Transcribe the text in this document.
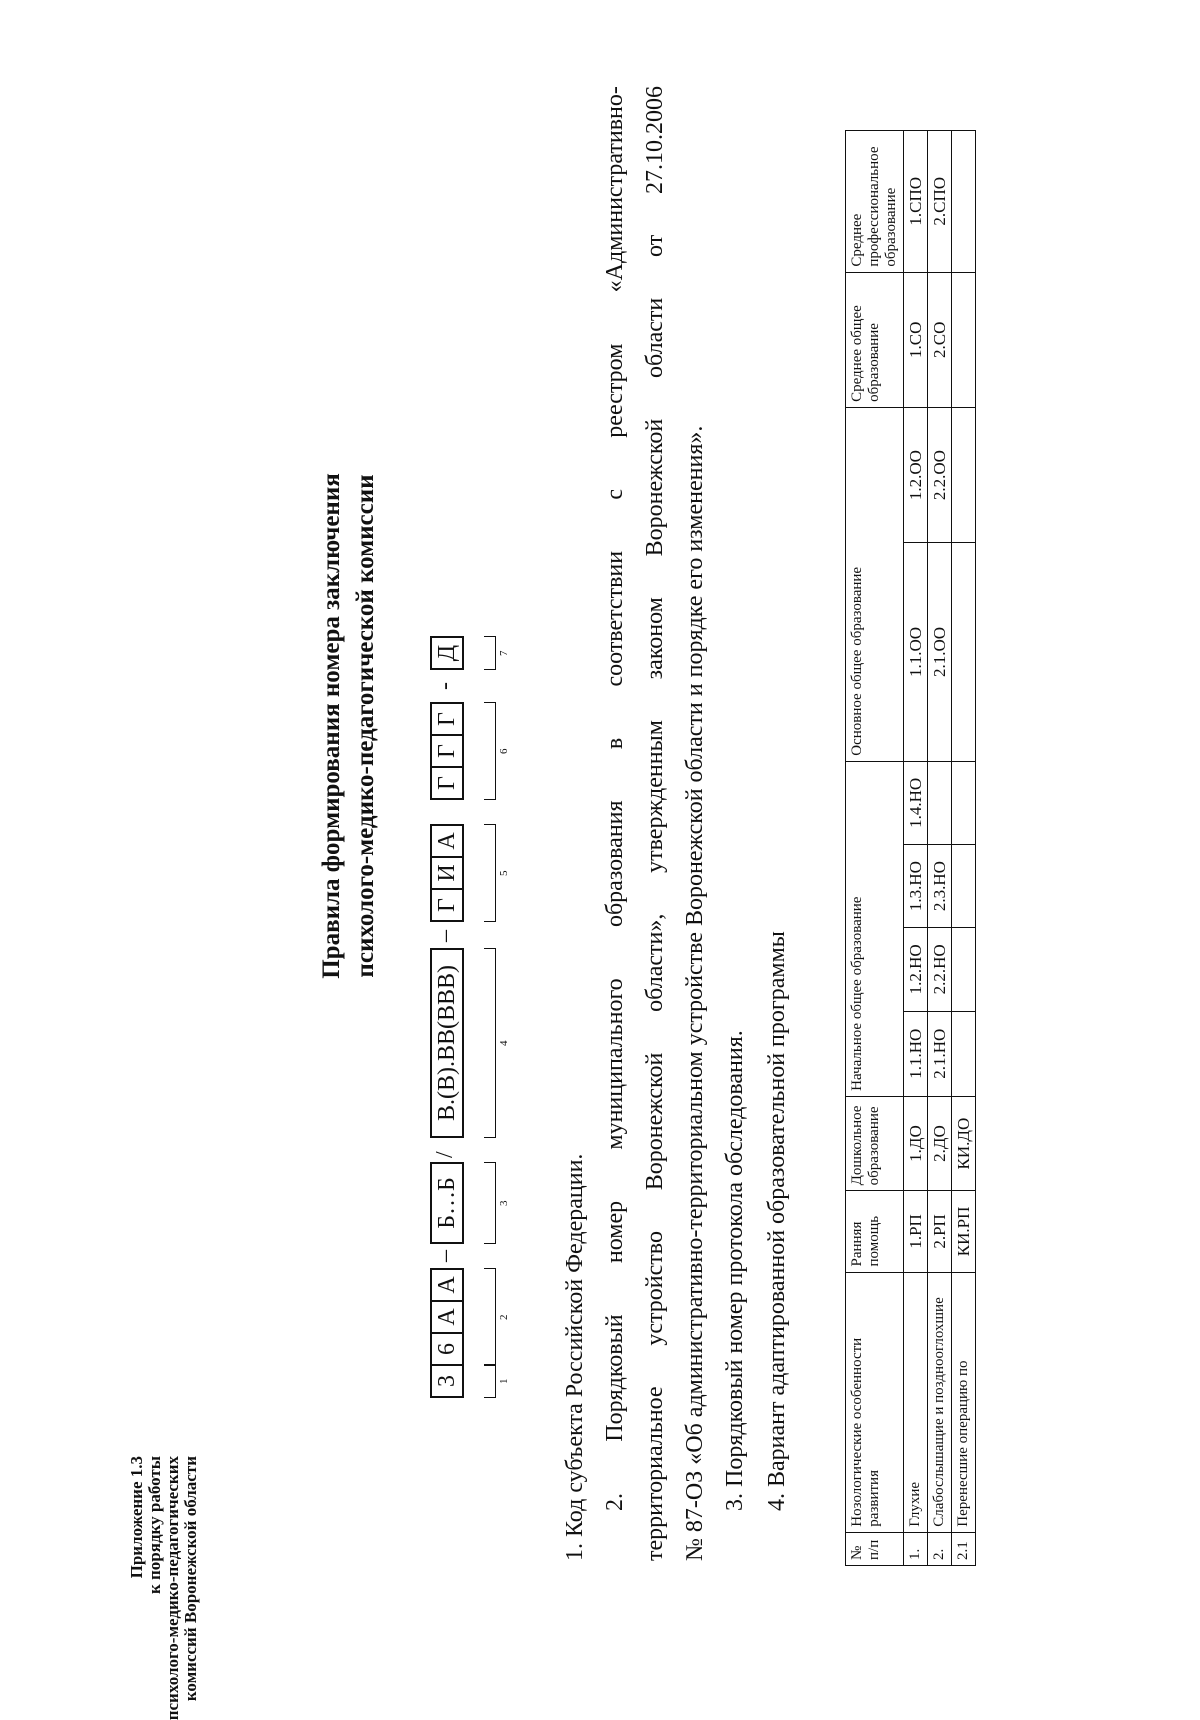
Приложение 1.3 к порядку работы психолого-медико-педагогических комиссий Воронежской области
Правила формирования номера заключения психолого-медико-педагогической комиссии
3
6
А
А
–
Б…Б
/
В.(В).ВВ(ВВВ)
–
Г
И
А
Г
Г
Г
-
Д
1
2
3
4
5
6
7
1. Код субъекта Российской Федерации. 2.
Порядковый
номер
муниципального
образования
в
соответствии
с
реестром
«Административно-
территориальное
устройство
Воронежской
области»,
утвержденным
законом
Воронежской
области
от
27.10.2006
№ 87-ОЗ «Об административно-территориальном устройстве Воронежской области и порядке его изменения». 3. Порядковый номер протокола обследования. 4. Вариант адаптированной образовательной программы
№ п/п	Нозологические особенности развития	Ранняя помощь	Дошкольное образование	Начальное общее образование				Основное общее образование		Среднее общее образование	Среднее профессиональное образование
1.	Глухие	1.РП	1.ДО	1.1.НО	1.2.НО	1.3.НО	1.4.НО	1.1.ОО	1.2.ОО	1.СО	1.СПО
2.	Слабослышащие и позднооглохшие	2.РП	2.ДО	2.1.НО	2.2.НО	2.3.НО		2.1.ОО	2.2.ОО	2.СО	2.СПО
2.1	Перенесшие операцию по	КИ.РП	КИ.ДО								
